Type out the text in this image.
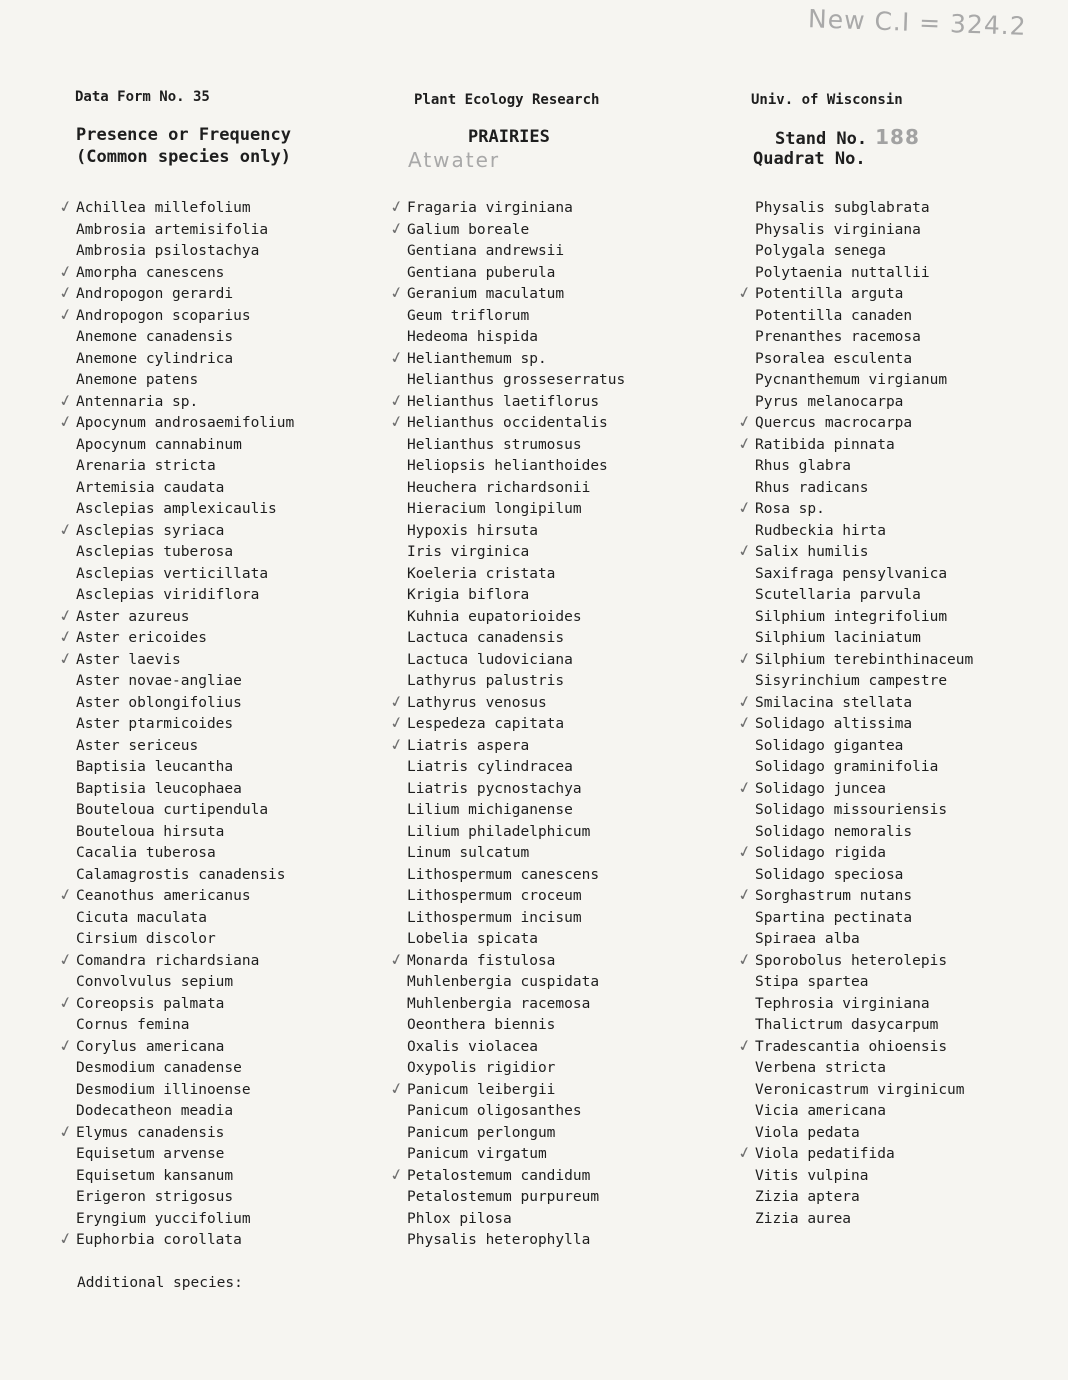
New C.I = 324.2
Data Form No. 35
Presence or Frequency
(Common species only)
Plant Ecology Research
PRAIRIES
Atwater
Univ. of Wisconsin
Stand No. 188
Quadrat No.
✓ Achillea millefolium
Ambrosia artemisifolia
Ambrosia psilostachya
✓ Amorpha canescens
✓ Andropogon gerardi
✓ Andropogon scoparius
Anemone canadensis
Anemone cylindrica
Anemone patens
✓ Antennaria sp.
✓ Apocynum androsaemifolium
Apocynum cannabinum
Arenaria stricta
Artemisia caudata
Asclepias amplexicaulis
✓ Asclepias syriaca
Asclepias tuberosa
Asclepias verticillata
Asclepias viridiflora
✓ Aster azureus
✓ Aster ericoides
✓ Aster laevis
Aster novae-angliae
Aster oblongifolius
Aster ptarmicoides
Aster sericeus
Baptisia leucantha
Baptisia leucophaea
Bouteloua curtipendula
Bouteloua hirsuta
Cacalia tuberosa
Calamagrostis canadensis
✓ Ceanothus americanus
Cicuta maculata
Cirsium discolor
✓ Comandra richardsiana
Convolvulus sepium
✓ Coreopsis palmata
Cornus femina
✓ Corylus americana
Desmodium canadense
Desmodium illinoense
Dodecatheon meadia
✓ Elymus canadensis
Equisetum arvense
Equisetum kansanum
Erigeron strigosus
Eryngium yuccifolium
✓ Euphorbia corollata
✓ Fragaria virginiana
✓ Galium boreale
Gentiana andrewsii
Gentiana puberula
✓ Geranium maculatum
Geum triflorum
Hedeoma hispida
✓ Helianthemum sp.
Helianthus grosseserratus
✓ Helianthus laetiflorus
✓ Helianthus occidentalis
Helianthus strumosus
Heliopsis helianthoides
Heuchera richardsonii
Hieracium longipilum
Hypoxis hirsuta
Iris virginica
Koeleria cristata
Krigia biflora
Kuhnia eupatorioides
Lactuca canadensis
Lactuca ludoviciana
Lathyrus palustris
✓ Lathyrus venosus
✓ Lespedeza capitata
✓ Liatris aspera
Liatris cylindracea
Liatris pycnostachya
Lilium michiganense
Lilium philadelphicum
Linum sulcatum
Lithospermum canescens
Lithospermum croceum
Lithospermum incisum
Lobelia spicata
✓ Monarda fistulosa
Muhlenbergia cuspidata
Muhlenbergia racemosa
Oeonthera biennis
Oxalis violacea
Oxypolis rigidior
✓ Panicum leibergii
Panicum oligosanthes
Panicum perlongum
Panicum virgatum
✓ Petalostemum candidum
Petalostemum purpureum
Phlox pilosa
Physalis heterophylla
Physalis subglabrata
Physalis virginiana
Polygala senega
Polytaenia nuttallii
✓ Potentilla arguta
Potentilla canaden
Prenanthes racemosa
Psoralea esculenta
Pycnanthemum virgianum
Pyrus melanocarpa
✓ Quercus macrocarpa
✓ Ratibida pinnata
Rhus glabra
Rhus radicans
✓ Rosa sp.
Rudbeckia hirta
✓ Salix humilis
Saxifraga pensylvanica
Scutellaria parvula
Silphium integrifolium
Silphium laciniatum
✓ Silphium terebinthinaceum
Sisyrinchium campestre
✓ Smilacina stellata
✓ Solidago altissima
Solidago gigantea
Solidago graminifolia
✓ Solidago juncea
Solidago missouriensis
Solidago nemoralis
✓ Solidago rigida
Solidago speciosa
✓ Sorghastrum nutans
Spartina pectinata
Spiraea alba
✓ Sporobolus heterolepis
Stipa spartea
Tephrosia virginiana
Thalictrum dasycarpum
✓ Tradescantia ohioensis
Verbena stricta
Veronicastrum virginicum
Vicia americana
Viola pedata
✓ Viola pedatifida
Vitis vulpina
Zizia aptera
Zizia aurea
Additional species:
